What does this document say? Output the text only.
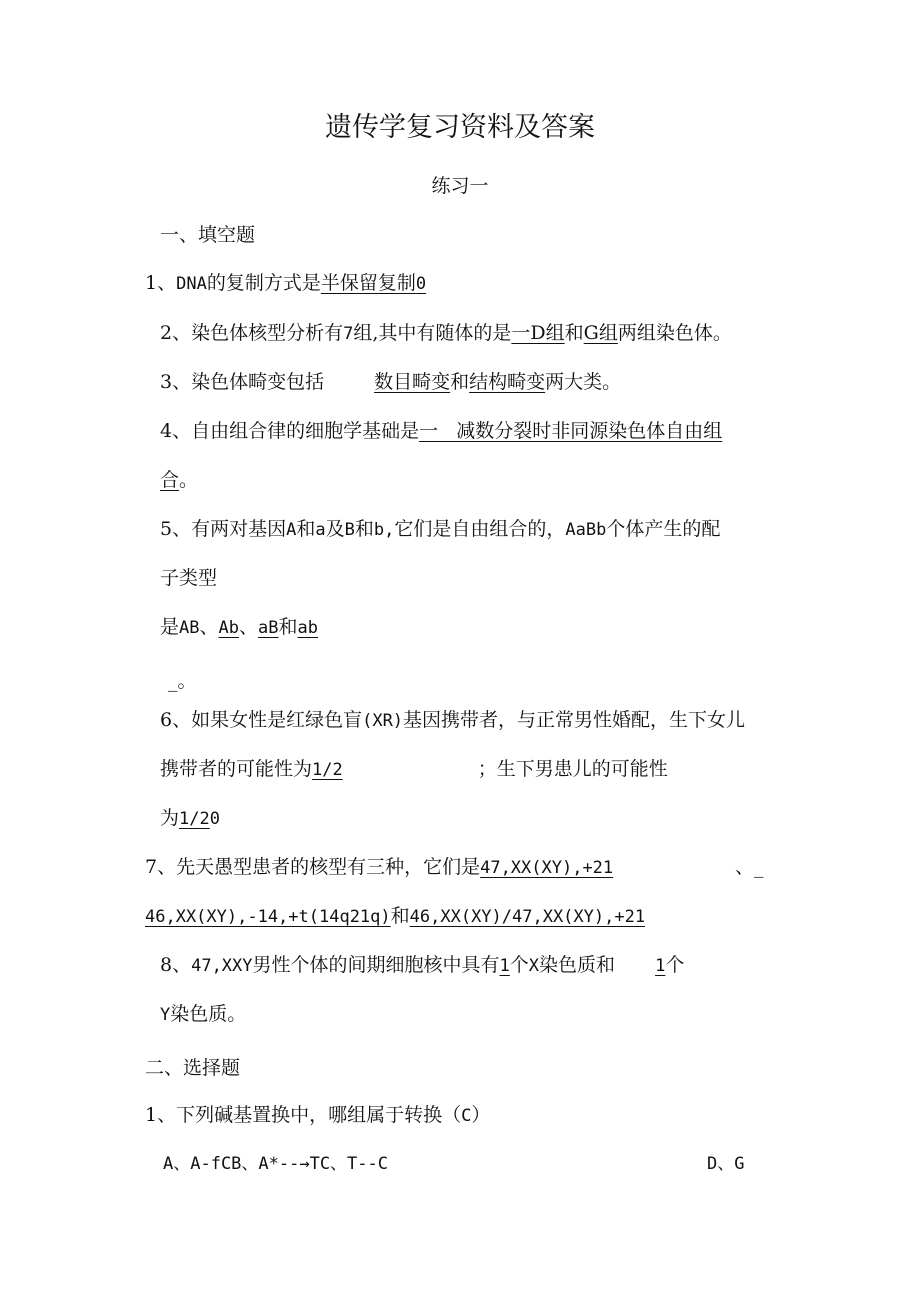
遗传学复习资料及答案
练习一
一、填空题
1、DNA的复制方式是半保留复制0
2、染色体核型分析有7组,其中有随体的是一D组和G组两组染色体。
3、染色体畸变包括	数目畸变和结构畸变两大类。
4、自由组合律的细胞学基础是一   减数分裂时非同源染色体自由组
合。
5、有两对基因A和a及B和b,它们是自由组合的，AaBb个体产生的配
子类型
是AB、Ab、aB和ab
_。
6、如果女性是红绿色盲(XR)基因携带者，与正常男性婚配，生下女儿
携带者的可能性为1/2	；生下男患儿的可能性
为1/20
7、先天愚型患者的核型有三种，它们是47,XX(XY),+21	、_
46,XX(XY),-14,+t(14q21q)和46,XX(XY)/47,XX(XY),+21
8、47,XXY男性个体的间期细胞核中具有1个X染色质和 1个
Y染色质。
二、选择题
1、下列碱基置换中，哪组属于转换（C）
A、A-fCB、A*--→TC、T--C	D、G
